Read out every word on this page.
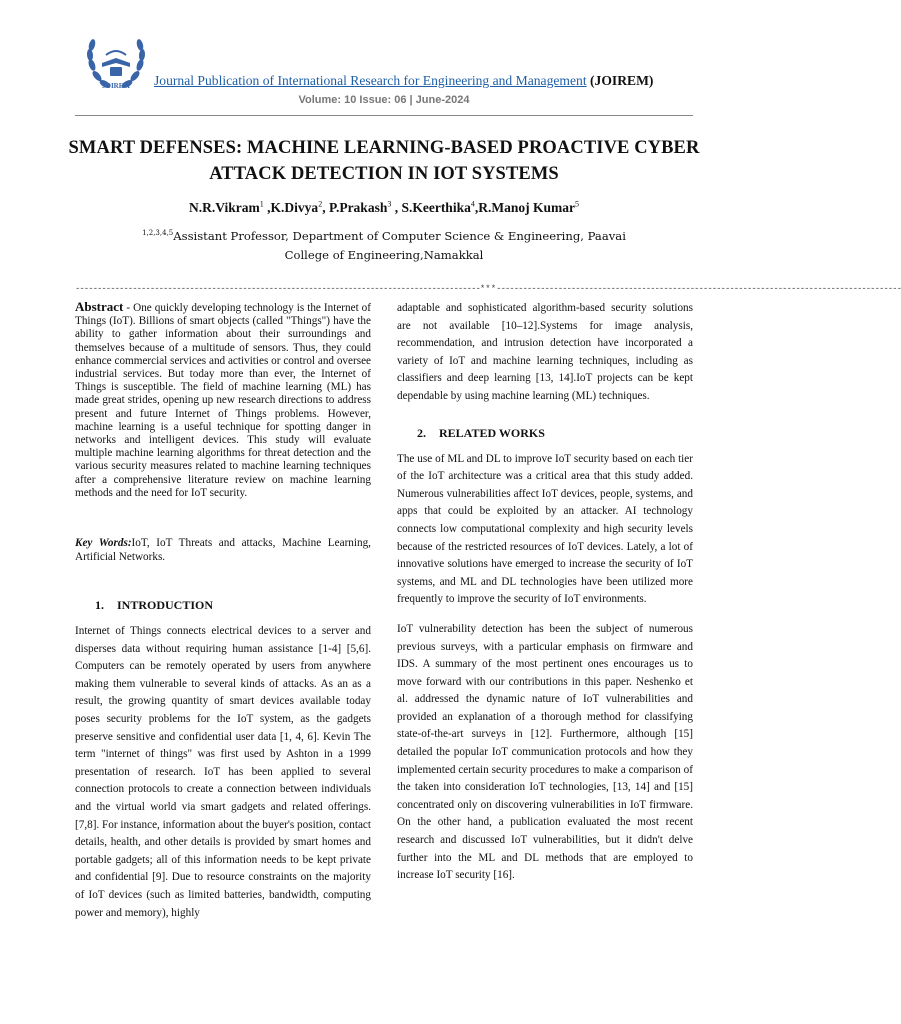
JOIREM Journal Publication of International Research for Engineering and Management (JOIREM)
Volume: 10 Issue: 06 | June-2024
SMART DEFENSES: MACHINE LEARNING-BASED PROACTIVE CYBER ATTACK DETECTION IN IOT SYSTEMS
N.R.Vikram$^1$ ,K.Divya$^2$, P.Prakash$^3$ , S.Keerthika$^4$,R.Manoj Kumar$^5$
$^{1,2,3,4,5}$Assistant Professor, Department of Computer Science & Engineering, Paavai College of Engineering,Namakkal
--------------------------------------------------------------------------------------------***--------------------------------------------------------------------------------------------

Abstract - One quickly developing technology is the Internet of Things (IoT). Billions of smart objects (called "Things") have the ability to gather information about their surroundings and themselves because of a multitude of sensors. Thus, they could enhance commercial services and activities or control and oversee industrial services. But today more than ever, the Internet of Things is susceptible. The field of machine learning (ML) has made great strides, opening up new research directions to address present and future Internet of Things problems. However, machine learning is a useful technique for spotting danger in networks and intelligent devices. This study will evaluate multiple machine learning algorithms for threat detection and the various security measures related to machine learning techniques after a comprehensive literature review on machine learning methods and the need for IoT security.

Key Words:IoT, IoT Threats and attacks, Machine Learning, Artificial Networks.

1. INTRODUCTION

Internet of Things connects electrical devices to a server and disperses data without requiring human assistance [1-4] [5,6]. Computers can be remotely operated by users from anywhere making them vulnerable to several kinds of attacks. As an as a result, the growing quantity of smart devices available today poses security problems for the IoT system, as the gadgets preserve sensitive and confidential user data [1, 4, 6]. Kevin The term "internet of things" was first used by Ashton in a 1999 presentation of research. IoT has been applied to several connection protocols to create a connection between individuals and the virtual world via smart gadgets and related offerings. [7,8]. For instance, information about the buyer's position, contact details, health, and other details is provided by smart homes and portable gadgets; all of this information needs to be kept private and confidential [9]. Due to resource constraints on the majority of IoT devices (such as limited batteries, bandwidth, computing power and memory), highly

adaptable and sophisticated algorithm-based security solutions are not available [10–12].Systems for image analysis, recommendation, and intrusion detection have incorporated a variety of IoT and machine learning techniques, including as classifiers and deep learning [13, 14].IoT projects can be kept dependable by using machine learning (ML) techniques.

2. RELATED WORKS

The use of ML and DL to improve IoT security based on each tier of the IoT architecture was a critical area that this study added. Numerous vulnerabilities affect IoT devices, people, systems, and apps that could be exploited by an attacker. AI technology connects low computational complexity and high security levels because of the restricted resources of IoT devices. Lately, a lot of innovative solutions have emerged to increase the security of IoT systems, and ML and DL technologies have been utilized more frequently to improve the security of IoT environments.

IoT vulnerability detection has been the subject of numerous previous surveys, with a particular emphasis on firmware and IDS. A summary of the most pertinent ones encourages us to move forward with our contributions in this paper. Neshenko et al. addressed the dynamic nature of IoT vulnerabilities and provided an explanation of a thorough method for classifying state-of-the-art surveys in [12]. Furthermore, although [15] detailed the popular IoT communication protocols and how they implemented certain security procedures to make a comparison of the taken into consideration IoT technologies, [13, 14] and [15] concentrated only on discovering vulnerabilities in IoT firmware. On the other hand, a publication evaluated the most recent research and discussed IoT vulnerabilities, but it didn't delve further into the ML and DL methods that are employed to increase IoT security [16].
